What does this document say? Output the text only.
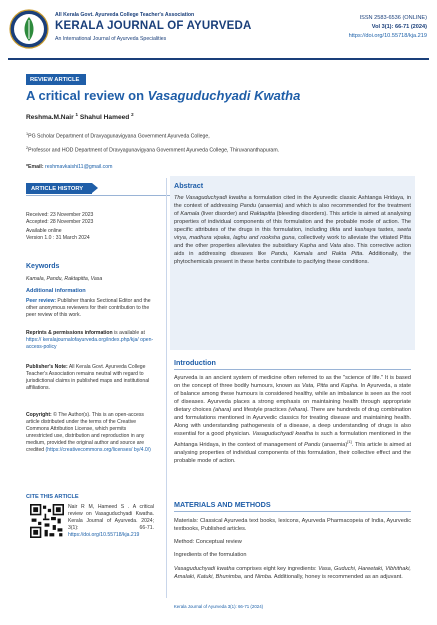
All Kerala Govt. Ayurveda College Teacher's Association
KERALA JOURNAL OF AYURVEDA
An International Journal of Ayurveda Specialities
ISSN 2583-6536 (ONLINE)
Vol 3(1): 66-71 (2024)
https://doi.org/10.55718/kja.219
REVIEW ARTICLE
A critical review on Vasaguduchyadi Kwatha
Reshma.M.Nair $^1$ Shahul Hameed $^2$
$^1$PG Scholar Department of Dravyagunavigyana Government Ayurveda College,
$^2$Professor and HOD Department of Dravyagunavigyana Government Ayurveda College, Thiruvananthapuram.
*Email: reshmavkaishi11@gmail.com
ARTICLE HISTORY
Received: 23 November 2023
Accepted: 28 November 2023
Available online
Version 1.0 : 31 March 2024
Keywords
Kamala, Pandu, Raktapitta, Vasa
Additional information
Peer review: Publisher thanks Sectional Editor and the other anonymous reviewers for their contribution to the peer review of this work.
Reprints & permissions information is available at https:// keralajournalofayurveda.org/index.php/kja/ open-access-policy
Publisher's Note: All Kerala Govt. Ayurveda College Teacher's Association remains neutral with regard to jurisdictional claims in published maps and institutional affiliations.
Copyright: © The Author(s). This is an open-access article distributed under the terms of the Creative Commons Attribution License, which permits unrestricted use, distribution and reproduction in any medium, provided the original author and source are credited (https://creativecommons.org/licenses/ by/4.0/)
CITE THIS ARTICLE
Nair R M, Hameed S . A critical review on Vasaguduchyadi Kwatha. Kerala Journal of Ayurveda. 2024; 3(1): 66-71. https://doi.org/10.55718/kja.219
Abstract
The Vasaguduchyadi kwatha a formulation cited in the Ayurvedic classic Ashtanga Hridaya, in the context of addressing Pandu (anaemia) and which is also recommended for the treatment of Kamala (liver disorder) and Raktapitta (bleeding disorders). This article is aimed at analysing properties of individual components of this formulation and the probable mode of action. The specific attributes of the drugs in this formulation, including tikta and kashaya tastes, seeta virya, madhura vipaka, laghu and rooksha guna, collectively work to alleviate the vitiated Pitta and the other properties alleviates the subsidiary Kapha and Vata also. This corrective action aids in addressing diseases like Pandu, Kamala and Rakta Pitta. Additionally, the phytochemicals present in these herbs contribute to pacifying these conditions.
Introduction
Ayurveda is an ancient system of medicine often referred to as the "science of life." It is based on the concept of three bodily humours, known as Vata, Pitta and Kapha. In Ayurveda, a state of balance among these humours is considered healthy, while an imbalance is seen as the root of diseases. Ayurveda places a strong emphasis on maintaining health through appropriate dietary choices (ahara) and lifestyle practices (vihara). There are hundreds of drug combination and formulations mentioned in Ayurvedic classics for treating disease and maintaining health. Along with understanding pathogenesis of a disease, a deep understanding of drugs is also essential for a good physician. Vasaguduchyadi kwatha is such a formulation mentioned in the Ashtanga Hridaya, in the context of management of Pandu (anaemia)[1]. This article is aimed at analysing properties of individual components of this formulation, their collective effect and the probable mode of action.
MATERIALS AND METHODS
Materials: Classical Ayurveda text books, lexicons, Ayurveda Pharmacopeia of India, Ayurvedic textbooks, Published articles.
Method: Conceptual review
Ingredients of the formulation
Vasaguduchyadi kwatha comprises eight key ingredients: Vasa, Guduchi, Hareetaki, Vibhithaki, Amalaki, Katuki, Bhunimba, and Nimba. Additionally, honey is recommended as an adjuvant.
Kerala Journal of Ayurveda 3(1): 66-71 (2024)
